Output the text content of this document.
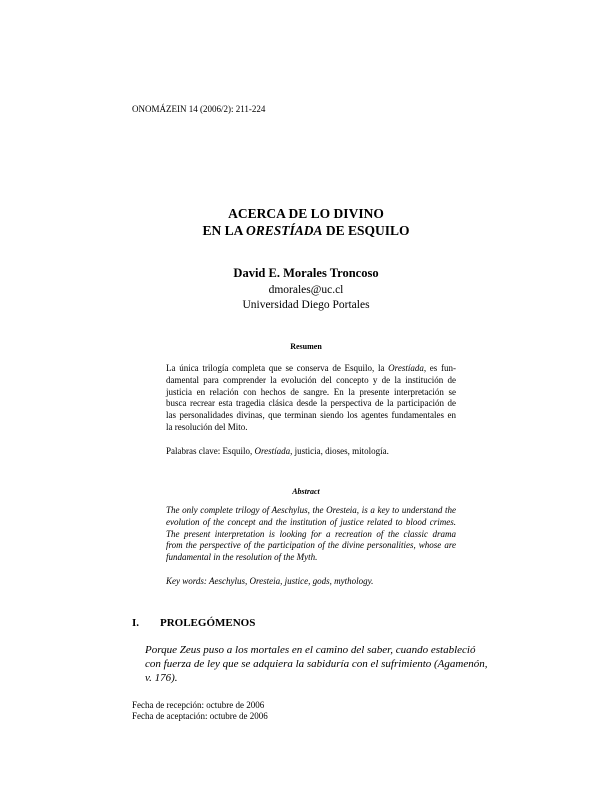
ONOMÁZEIN 14 (2006/2): 211-224
ACERCA DE LO DIVINO
EN LA ORESTÍADA DE ESQUILO
David E. Morales Troncoso
dmorales@uc.cl
Universidad Diego Portales
Resumen
La única trilogía completa que se conserva de Esquilo, la Orestíada, es fun-
damental para comprender la evolución del concepto y de la institución de
justicia en relación con hechos de sangre. En la presente interpretación se
busca recrear esta tragedia clásica desde la perspectiva de la participación de
las personalidades divinas, que terminan siendo los agentes fundamentales en
la resolución del Mito.
Palabras clave: Esquilo, Orestíada, justicia, dioses, mitología.
Abstract
The only complete trilogy of Aeschylus, the Oresteia, is a key to understand the
evolution of the concept and the institution of justice related to blood crimes.
The present interpretation is looking for a recreation of the classic drama
from the perspective of the participation of the divine personalities, whose are
fundamental in the resolution of the Myth.
Key words: Aeschylus, Oresteia, justice, gods, mythology.
I. PROLEGÓMENOS
Porque Zeus puso a los mortales en el camino del saber, cuando estableció
con fuerza de ley que se adquiera la sabiduría con el sufrimiento (Agamenón,
v. 176).
Fecha de recepción: octubre de 2006
Fecha de aceptación: octubre de 2006
